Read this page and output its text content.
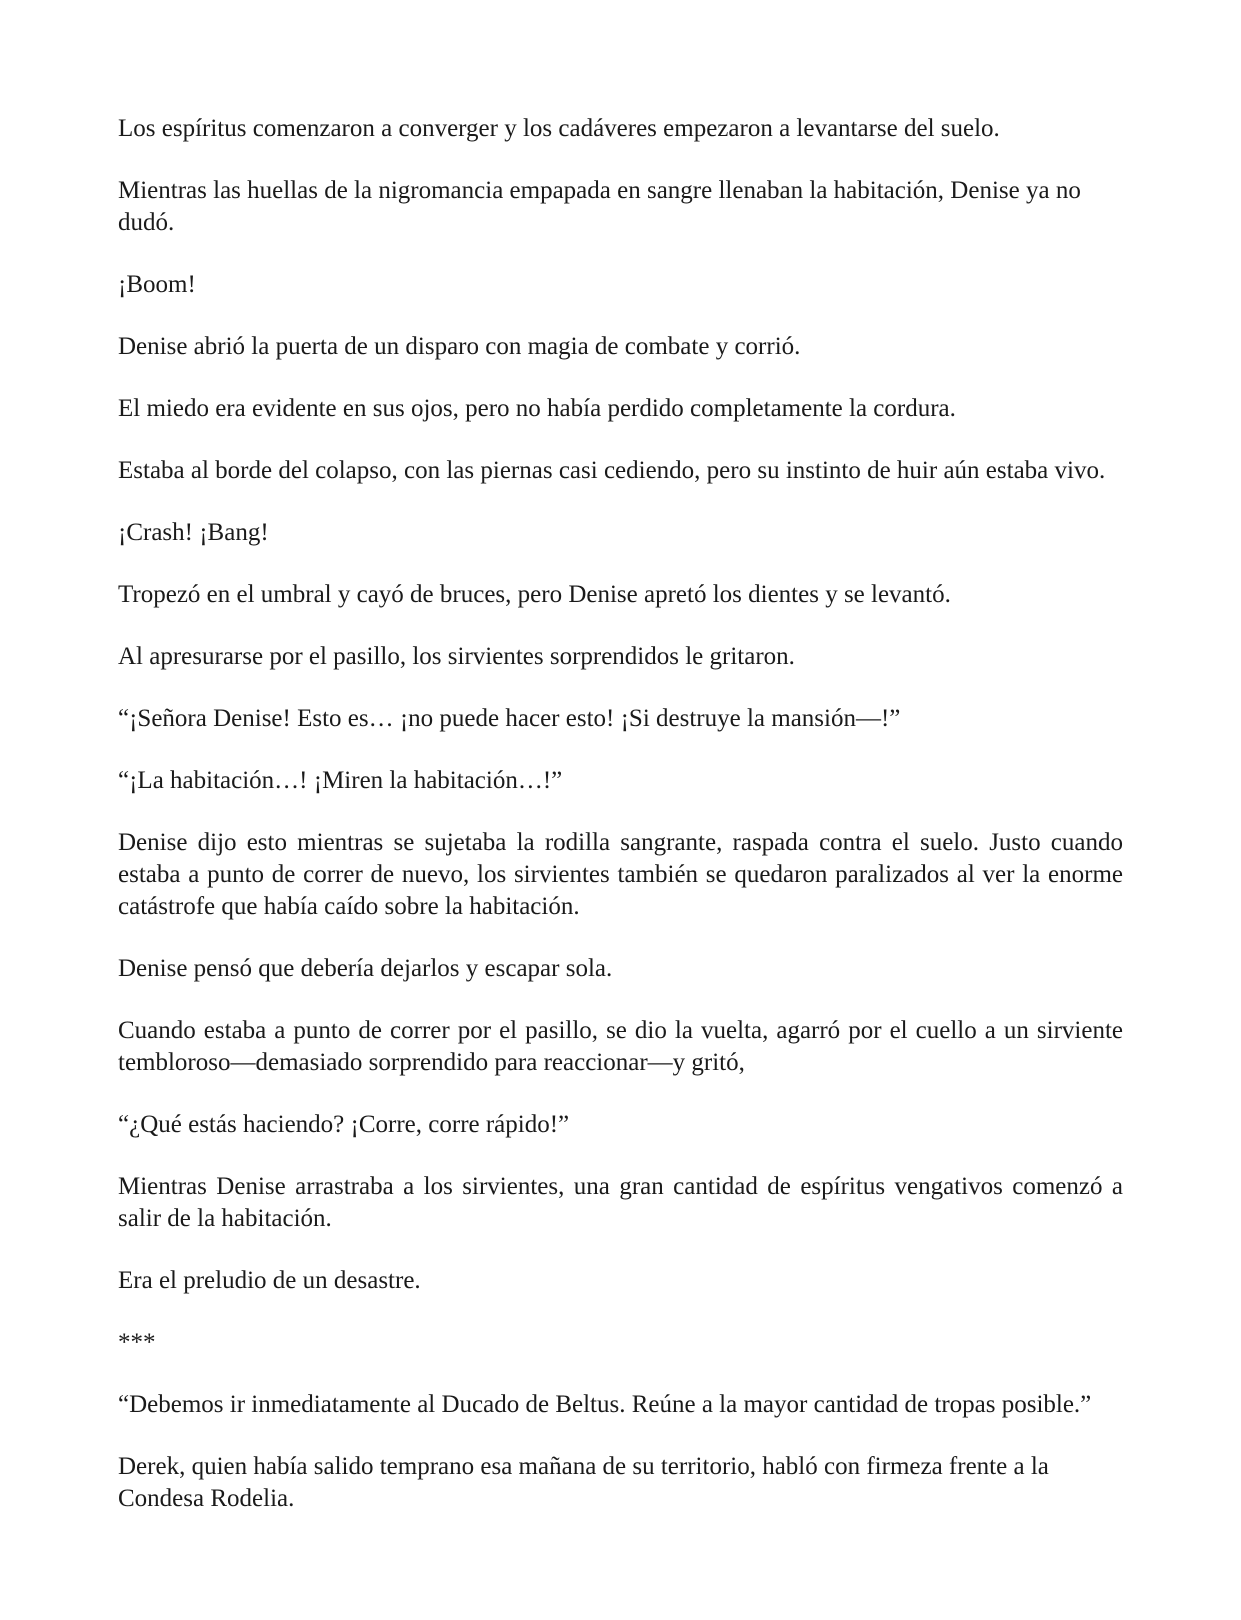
Los espíritus comenzaron a converger y los cadáveres empezaron a levantarse del suelo.

Mientras las huellas de la nigromancia empapada en sangre llenaban la habitación, Denise ya no dudó.

¡Boom!

Denise abrió la puerta de un disparo con magia de combate y corrió.

El miedo era evidente en sus ojos, pero no había perdido completamente la cordura.

Estaba al borde del colapso, con las piernas casi cediendo, pero su instinto de huir aún estaba vivo.

¡Crash! ¡Bang!

Tropezó en el umbral y cayó de bruces, pero Denise apretó los dientes y se levantó.

Al apresurarse por el pasillo, los sirvientes sorprendidos le gritaron.

“¡Señora Denise! Esto es… ¡no puede hacer esto! ¡Si destruye la mansión—!”

“¡La habitación…! ¡Miren la habitación…!”

Denise dijo esto mientras se sujetaba la rodilla sangrante, raspada contra el suelo. Justo cuando estaba a punto de correr de nuevo, los sirvientes también se quedaron paralizados al ver la enorme catástrofe que había caído sobre la habitación.

Denise pensó que debería dejarlos y escapar sola.

Cuando estaba a punto de correr por el pasillo, se dio la vuelta, agarró por el cuello a un sirviente tembloroso—demasiado sorprendido para reaccionar—y gritó,

“¿Qué estás haciendo? ¡Corre, corre rápido!”

Mientras Denise arrastraba a los sirvientes, una gran cantidad de espíritus vengativos comenzó a salir de la habitación.

Era el preludio de un desastre.

***

“Debemos ir inmediatamente al Ducado de Beltus. Reúne a la mayor cantidad de tropas posible.”

Derek, quien había salido temprano esa mañana de su territorio, habló con firmeza frente a la Condesa Rodelia.
